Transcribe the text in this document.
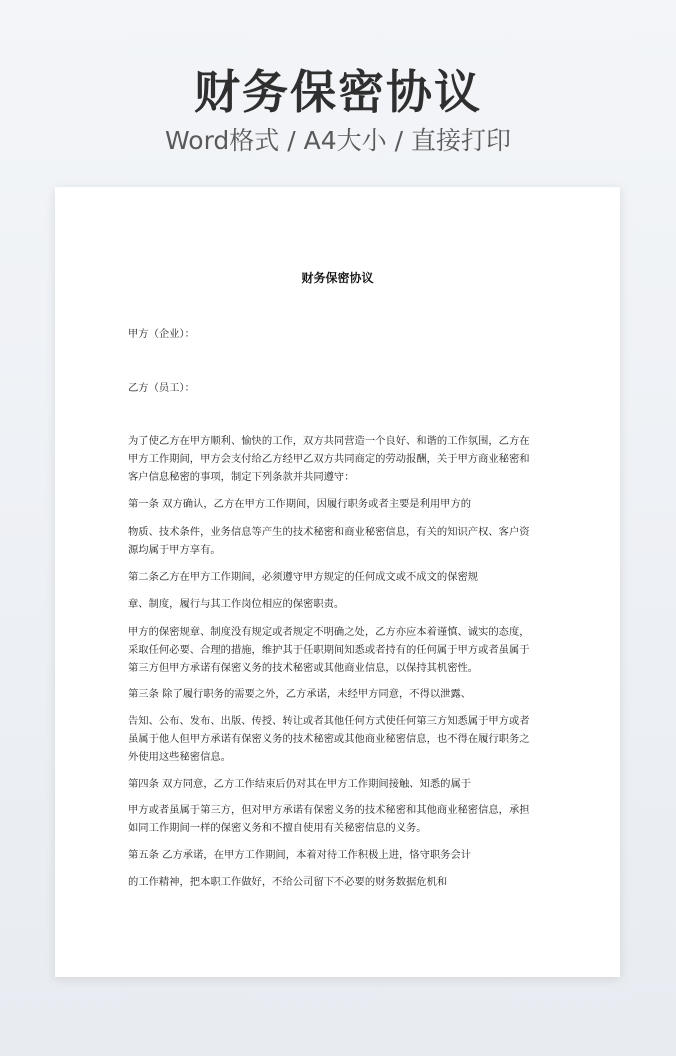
财务保密协议
Word格式 / A4大小 / 直接打印
财务保密协议
甲方（企业）：
乙方（员工）：
为了使乙方在甲方顺利、愉快的工作，双方共同营造一个良好、和谐的工作氛围，乙方在
甲方工作期间，甲方会支付给乙方经甲乙双方共同商定的劳动报酬，关于甲方商业秘密和
客户信息秘密的事项，制定下列条款并共同遵守：
第一条 双方确认，乙方在甲方工作期间，因履行职务或者主要是利用甲方的
物质、技术条件，业务信息等产生的技术秘密和商业秘密信息，有关的知识产权、客户资
源均属于甲方享有。
第二条乙方在甲方工作期间，必须遵守甲方规定的任何成文或不成文的保密规
章、制度，履行与其工作岗位相应的保密职责。
甲方的保密规章、制度没有规定或者规定不明确之处，乙方亦应本着谨慎、诚实的态度，
采取任何必要、合理的措施，维护其于任职期间知悉或者持有的任何属于甲方或者虽属于
第三方但甲方承诺有保密义务的技术秘密或其他商业信息，以保持其机密性。
第三条 除了履行职务的需要之外，乙方承诺，未经甲方同意，不得以泄露、
告知、公布、发布、出版、传授、转让或者其他任何方式使任何第三方知悉属于甲方或者
虽属于他人但甲方承诺有保密义务的技术秘密或其他商业秘密信息，也不得在履行职务之
外使用这些秘密信息。
第四条 双方同意，乙方工作结束后仍对其在甲方工作期间接触、知悉的属于
甲方或者虽属于第三方，但对甲方承诺有保密义务的技术秘密和其他商业秘密信息，承担
如同工作期间一样的保密义务和不擅自使用有关秘密信息的义务。
第五条 乙方承诺，在甲方工作期间，本着对待工作积极上进，恪守职务会计
的工作精神，把本职工作做好，不给公司留下不必要的财务数据危机和
